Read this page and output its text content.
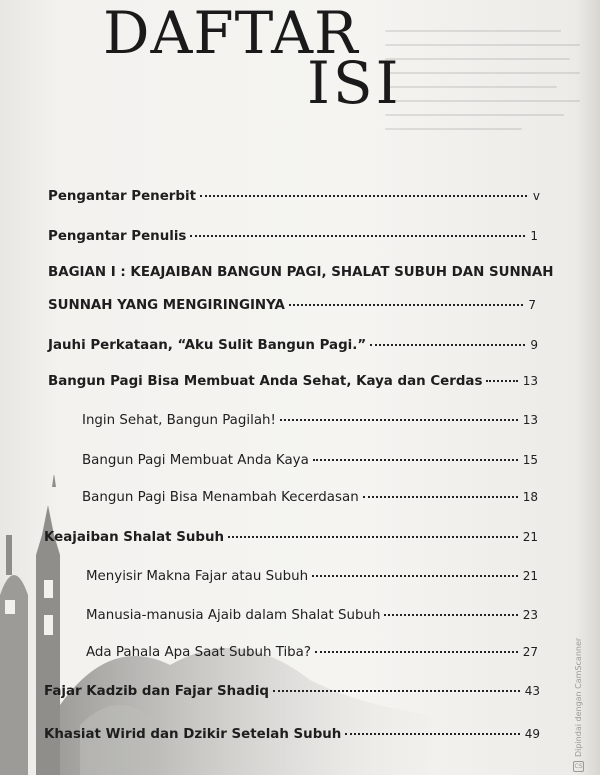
DAFTAR
ISI
Pengantar Penerbit	v
Pengantar Penulis	1
BAGIAN I : KEAJAIBAN BANGUN PAGI, SHALAT SUBUH DAN SUNNAH
SUNNAH YANG MENGIRINGINYA	7
Jauhi Perkataan, “Aku Sulit Bangun Pagi.”	9
Bangun Pagi Bisa Membuat Anda Sehat, Kaya dan Cerdas	13
Ingin Sehat, Bangun Pagilah!	13
Bangun Pagi Membuat Anda Kaya	15
Bangun Pagi Bisa Menambah Kecerdasan	18
Keajaiban Shalat Subuh	21
Menyisir Makna Fajar atau Subuh	21
Manusia-manusia Ajaib dalam Shalat Subuh	23
Ada Pahala Apa Saat Subuh Tiba?	27
Fajar Kadzib dan Fajar Shadiq	43
Khasiat Wirid dan Dzikir Setelah Subuh	49
CS
Dipindai dengan CamScanner
